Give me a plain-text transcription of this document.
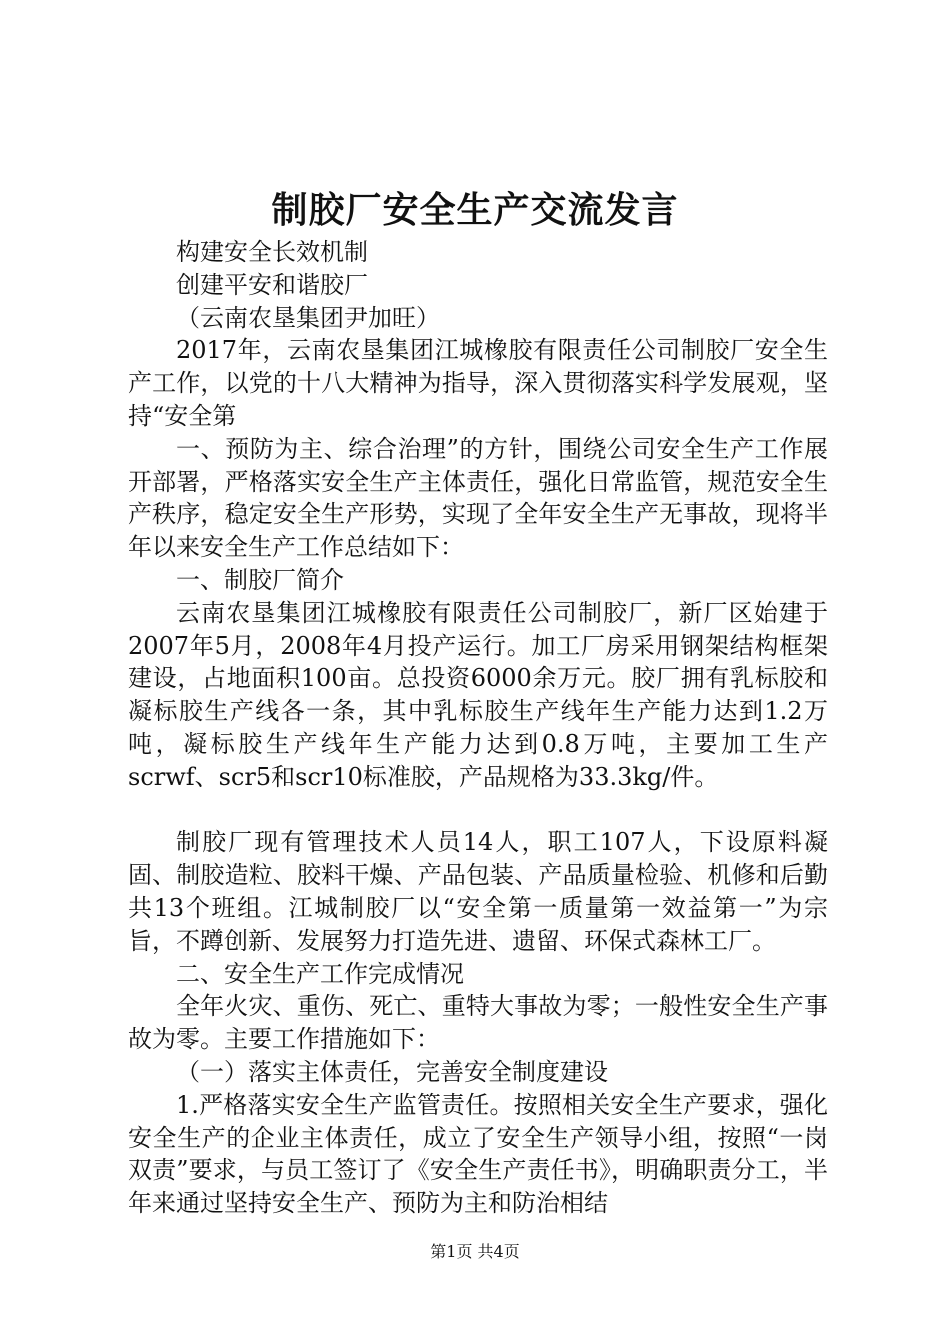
制胶厂安全生产交流发言

构建安全长效机制

创建平安和谐胶厂

（云南农垦集团尹加旺）

2017年，云南农垦集团江城橡胶有限责任公司制胶厂安全生产工作，以党的十八大精神为指导，深入贯彻落实科学发展观，坚持“安全第

一、预防为主、综合治理”的方针，围绕公司安全生产工作展开部署，严格落实安全生产主体责任，强化日常监管，规范安全生产秩序，稳定安全生产形势，实现了全年安全生产无事故，现将半年以来安全生产工作总结如下：

一、制胶厂简介

云南农垦集团江城橡胶有限责任公司制胶厂，新厂区始建于2007年5月，2008年4月投产运行。加工厂房采用钢架结构框架建设，占地面积100亩。总投资6000余万元。胶厂拥有乳标胶和凝标胶生产线各一条，其中乳标胶生产线年生产能力达到1.2万吨，凝标胶生产线年生产能力达到0.8万吨，主要加工生产scrwf、scr5和scr10标准胶，产品规格为33.3kg/件。

制胶厂现有管理技术人员14人，职工107人，下设原料凝固、制胶造粒、胶料干燥、产品包装、产品质量检验、机修和后勤共13个班组。江城制胶厂以“安全第一质量第一效益第一”为宗旨，不蹲创新、发展努力打造先进、遗留、环保式森林工厂。

二、安全生产工作完成情况

全年火灾、重伤、死亡、重特大事故为零；一般性安全生产事故为零。主要工作措施如下：

（一）落实主体责任，完善安全制度建设

1.严格落实安全生产监管责任。按照相关安全生产要求，强化安全生产的企业主体责任，成立了安全生产领导小组，按照“一岗双责”要求，与员工签订了《安全生产责任书》，明确职责分工，半年来通过坚持安全生产、预防为主和防治相结

第1页 共4页
